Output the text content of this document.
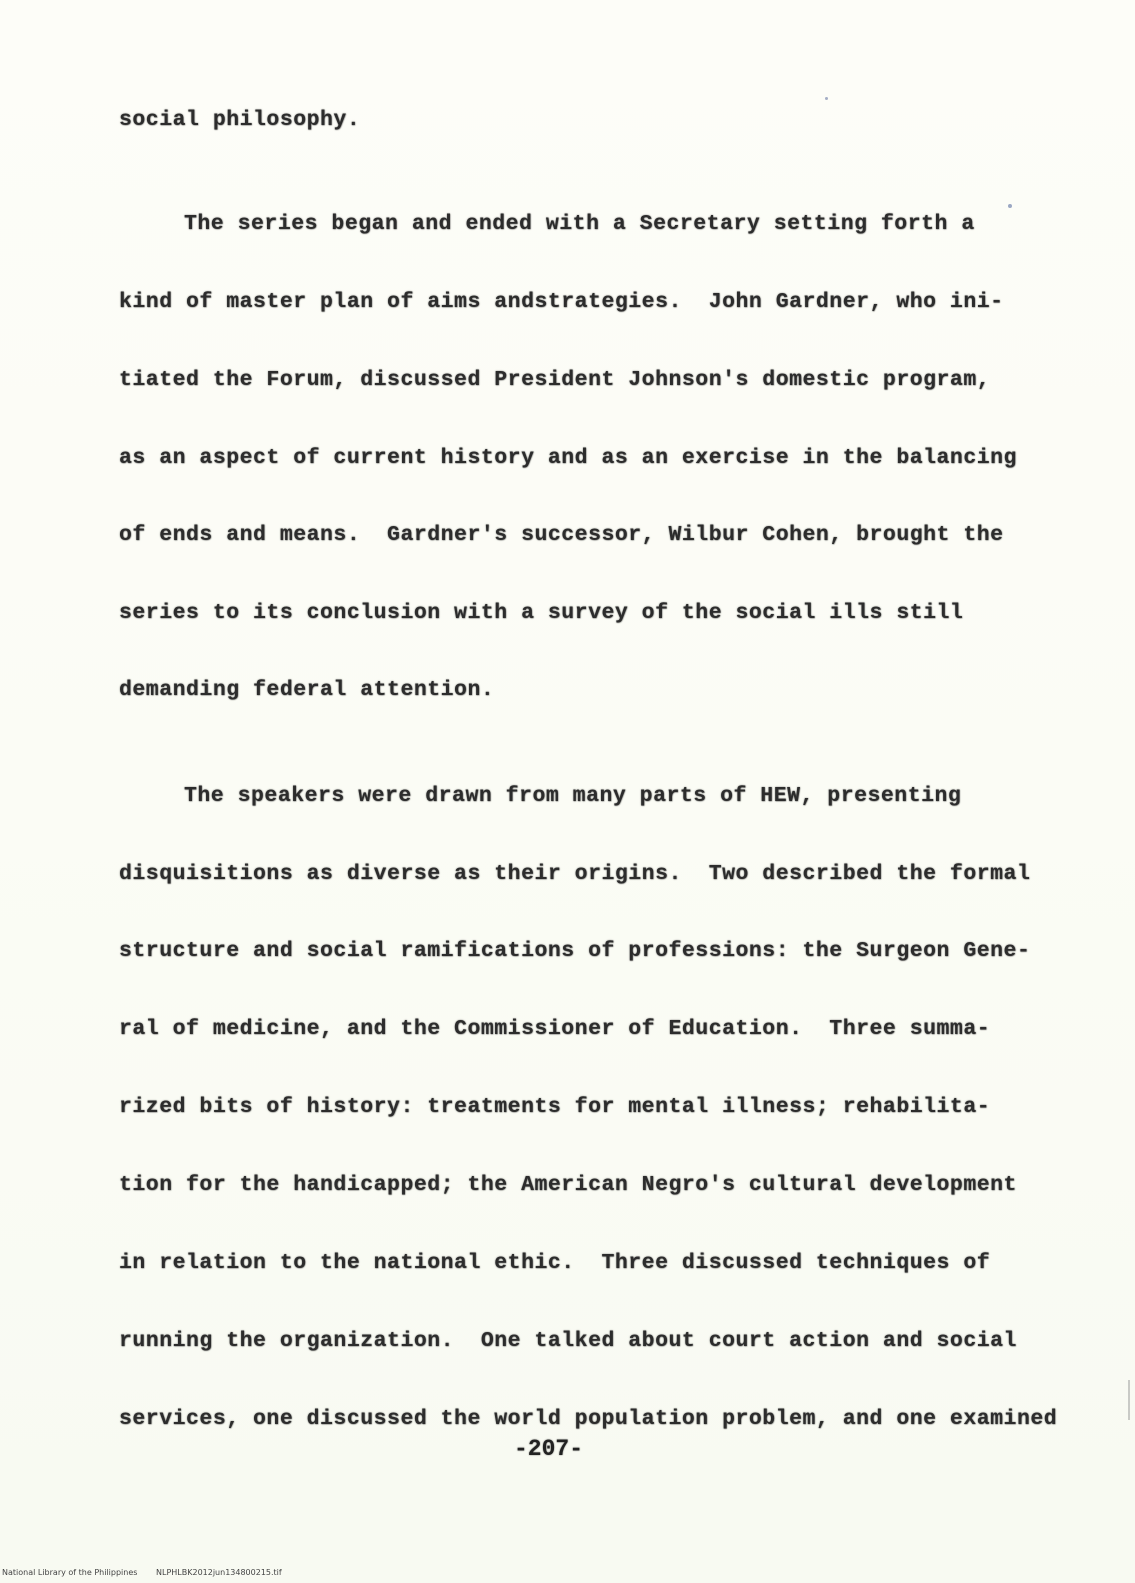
social philosophy.
The series began and ended with a Secretary setting forth a
kind of master plan of aims andstrategies.  John Gardner, who ini-
tiated the Forum, discussed President Johnson's domestic program,
as an aspect of current history and as an exercise in the balancing
of ends and means.  Gardner's successor, Wilbur Cohen, brought the
series to its conclusion with a survey of the social ills still
demanding federal attention.
The speakers were drawn from many parts of HEW, presenting
disquisitions as diverse as their origins.  Two described the formal
structure and social ramifications of professions: the Surgeon Gene-
ral of medicine, and the Commissioner of Education.  Three summa-
rized bits of history: treatments for mental illness; rehabilita-
tion for the handicapped; the American Negro's cultural development
in relation to the national ethic.  Three discussed techniques of
running the organization.  One talked about court action and social
services, one discussed the world population problem, and one examined
-207-
National Library of the Philippines NLPHLBK2012jun134800215.tif
